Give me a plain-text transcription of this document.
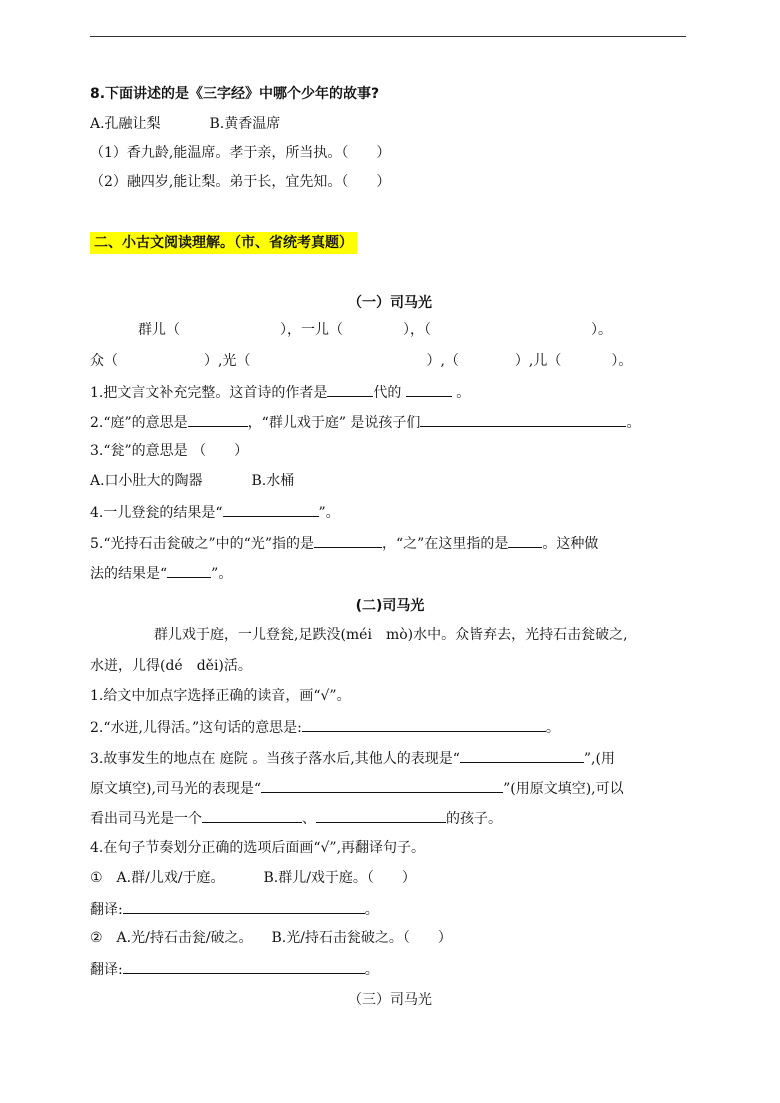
8.下面讲述的是《三字经》中哪个少年的故事?
A.孔融让梨	B.黄香温席
（1）香九龄,能温席。孝于亲，所当执。（　　）
（2）融四岁,能让梨。弟于长，宜先知。（　　）
二、小古文阅读理解。（市、省统考真题）
（一）司马光
群儿（	），一儿（	），（	）。
众（	）,光（	）,（	）,儿（	）。
1.把文言文补充完整。这首诗的作者是	代的	。
2.“庭”的意思是	，“群儿戏于庭” 是说孩子们	。
3.“瓮”的意思是 （　　）
A.口小肚大的陶器	B.水桶
4.一儿登瓮的结果是“	”。
5.“光持石击瓮破之”中的“光”指的是	，“之”在这里指的是 。这种做
法的结果是“	”。
(二)司马光
群儿戏于庭，一儿登瓮,足跌没(méi　mò)水中。众皆弃去，光持石击瓮破之,
水迸，儿得(dé　děi)活。
1.给文中加点字选择正确的读音，画“√”。
2.“水迸,儿得活。”这句话的意思是:	。
3.故事发生的地点在 庭院 。当孩子落水后,其他人的表现是“	”,(用
原文填空),司马光的表现是“	”(用原文填空),可以
看出司马光是一个	、	的孩子。
4.在句子节奏划分正确的选项后面画“√”,再翻译句子。
①　A.群/儿戏/于庭。	B.群儿/戏于庭。（　　）
翻译:	。
②　A.光/持石击瓮/破之。 B.光/持石击瓮破之。（　　）
翻译:	。
（三）司马光
